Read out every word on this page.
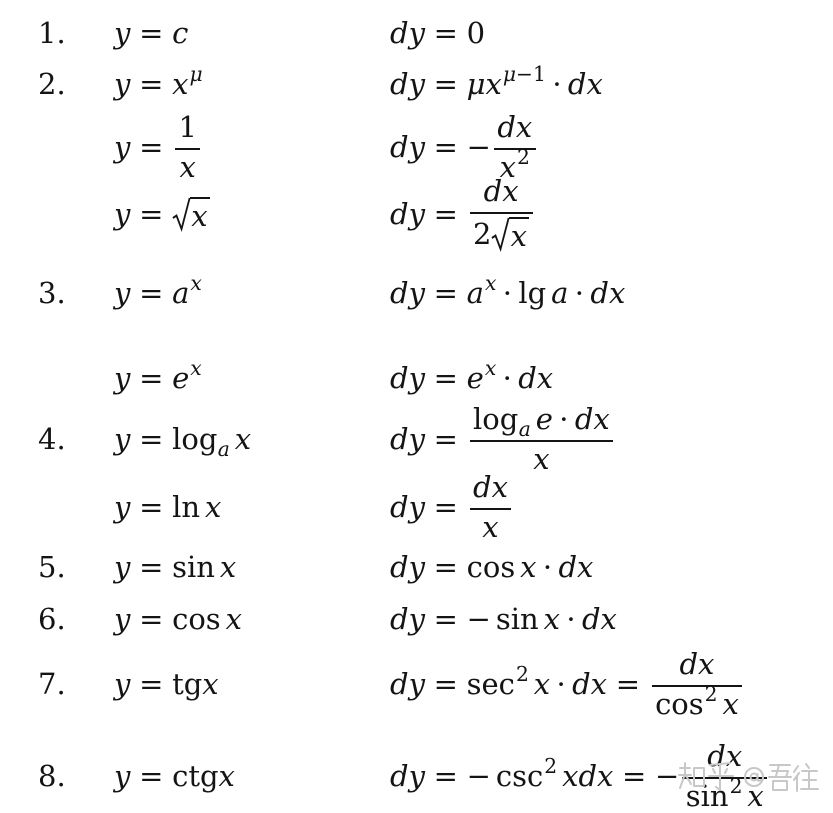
1. y = c	dy = 0
2. y = xμ	dy = μ xμ−1 · dx
$y = \frac{1}{x}$	dy = − $\frac{dx}{x2}$
y = x	dy = $\frac{dx}{2 x}$
3. y = ax	dy = ax · lg a · dx
y = ex	dy = ex · dx
4. y = loga x	dy = $\frac{\text{loga e · dx}}{x}$
y = ln x	dy = $\frac{dx}{x}$
5. y = sin x	dy = cos x · dx
6. y = cos x	dy = − sin x · dx
7. y = tg x	dy = sec2 x · dx = $\frac{dx}{\cos 2 x}$
8. y = ctg x	dy = − csc2 x dx = − $\frac{dx}{\sin 2 x}$
